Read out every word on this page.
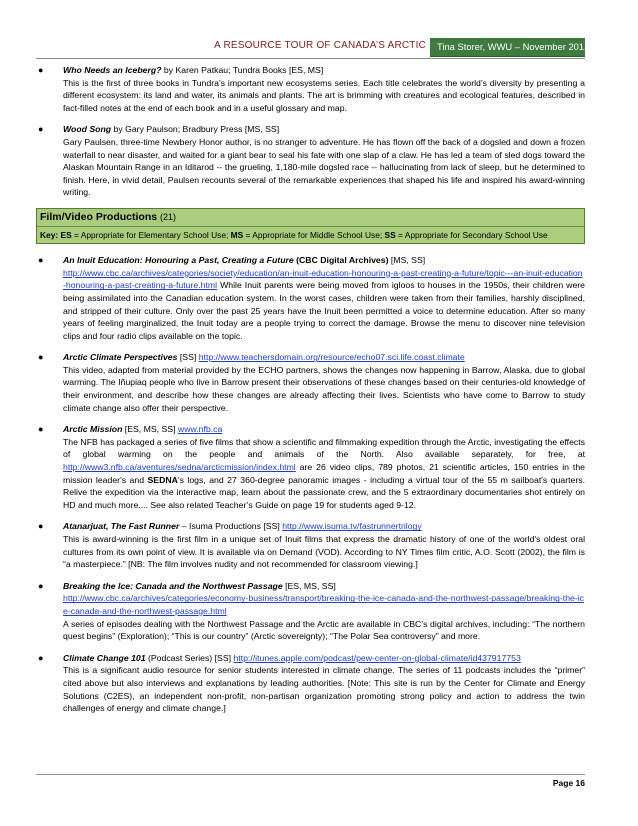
A RESOURCE TOUR OF CANADA’S ARCTIC	Tina Storer, WWU – November 2012
● Who Needs an Iceberg? by Karen Patkau; Tundra Books [ES, MS]
This is the first of three books in Tundra’s important new ecosystems series. Each title celebrates the world’s diversity by presenting a different ecosystem: its land and water, its animals and plants. The art is brimming with creatures and ecological features, described in fact-filled notes at the end of each book and in a useful glossary and map.
● Wood Song by Gary Paulson; Bradbury Press [MS, SS]
Gary Paulsen, three-time Newbery Honor author, is no stranger to adventure. He has flown off the back of a dogsled and down a frozen waterfall to near disaster, and waited for a giant bear to seal his fate with one slap of a claw. He has led a team of sled dogs toward the Alaskan Mountain Range in an Iditarod -- the grueling, 1,180-mile dogsled race -- hallucinating from lack of sleep, but he determined to finish. Here, in vivid detail, Paulsen recounts several of the remarkable experiences that shaped his life and inspired his award-winning writing.
Film/Video Productions (21)
Key: ES = Appropriate for Elementary School Use; MS = Appropriate for Middle School Use; SS = Appropriate for Secondary School Use
● An Inuit Education: Honouring a Past, Creating a Future (CBC Digital Archives) [MS, SS]
http://www.cbc.ca/archives/categories/society/education/an-inuit-education-honouring-a-past-creating-a-future/topic---an-inuit-education-honouring-a-past-creating-a-future.html While Inuit parents were being moved from igloos to houses in the 1950s, their children were being assimilated into the Canadian education system. In the worst cases, children were taken from their families, harshly disciplined, and stripped of their culture. Only over the past 25 years have the Inuit been permitted a voice to determine education. After so many years of feeling marginalized, the Inuit today are a people trying to correct the damage. Browse the menu to discover nine television clips and four radio clips available on the topic.
● Arctic Climate Perspectives [SS] http://www.teachersdomain.org/resource/echo07.sci.life.coast.climate
This video, adapted from material provided by the ECHO partners, shows the changes now happening in Barrow, Alaska, due to global warming. The Iñupiaq people who live in Barrow present their observations of these changes based on their centuries-old knowledge of their environment, and describe how these changes are already affecting their lives. Scientists who have come to Barrow to study climate change also offer their perspective.
● Arctic Mission [ES, MS, SS] www.nfb.ca
The NFB has packaged a series of five films that show a scientific and filmmaking expedition through the Arctic, investigating the effects of global warming on the people and animals of the North. Also available separately, for free, at http://www3.nfb.ca/aventures/sedna/arcticmission/index.html are 26 video clips, 789 photos, 21 scientific articles, 150 entries in the mission leader's and SEDNA's logs, and 27 360-degree panoramic images - including a virtual tour of the 55 m sailboat's quarters. Relive the expedition via the interactive map, learn about the passionate crew, and the 5 extraordinary documentaries shot entirely on HD and much more.... See also related Teacher’s Guide on page 19 for students aged 9-12.
● Atanarjuat, The Fast Runner – Isuma Productions [SS] http://www.isuma.tv/fastrunnertrilogy
This is award-winning is the first film in a unique set of Inuit films that express the dramatic history of one of the world’s oldest oral cultures from its own point of view. It is available via on Demand (VOD). According to NY Times film critic, A.O. Scott (2002), the film is “a masterpiece.” [NB: The film involves nudity and not recommended for classroom viewing.]
● Breaking the Ice: Canada and the Northwest Passage [ES, MS, SS]
http://www.cbc.ca/archives/categories/economy-business/transport/breaking-the-ice-canada-and-the-northwest-passage/breaking-the-ice-canada-and-the-northwest-passage.html
A series of episodes dealing with the Northwest Passage and the Arctic are available in CBC’s digital archives, including: “The northern quest begins” (Exploration); “This is our country” (Arctic sovereignty); “The Polar Sea controversy” and more.
● Climate Change 101 (Podcast Series) [SS] http://itunes.apple.com/podcast/pew-center-on-global-climate/id437917753
This is a significant audio resource for senior students interested in climate change. The series of 11 podcasts includes the “primer” cited above but also interviews and explanations by leading authorities. [Note: This site is run by the Center for Climate and Energy Solutions (C2ES), an independent non-profit, non-partisan organization promoting strong policy and action to address the twin challenges of energy and climate change.]
Page 16
